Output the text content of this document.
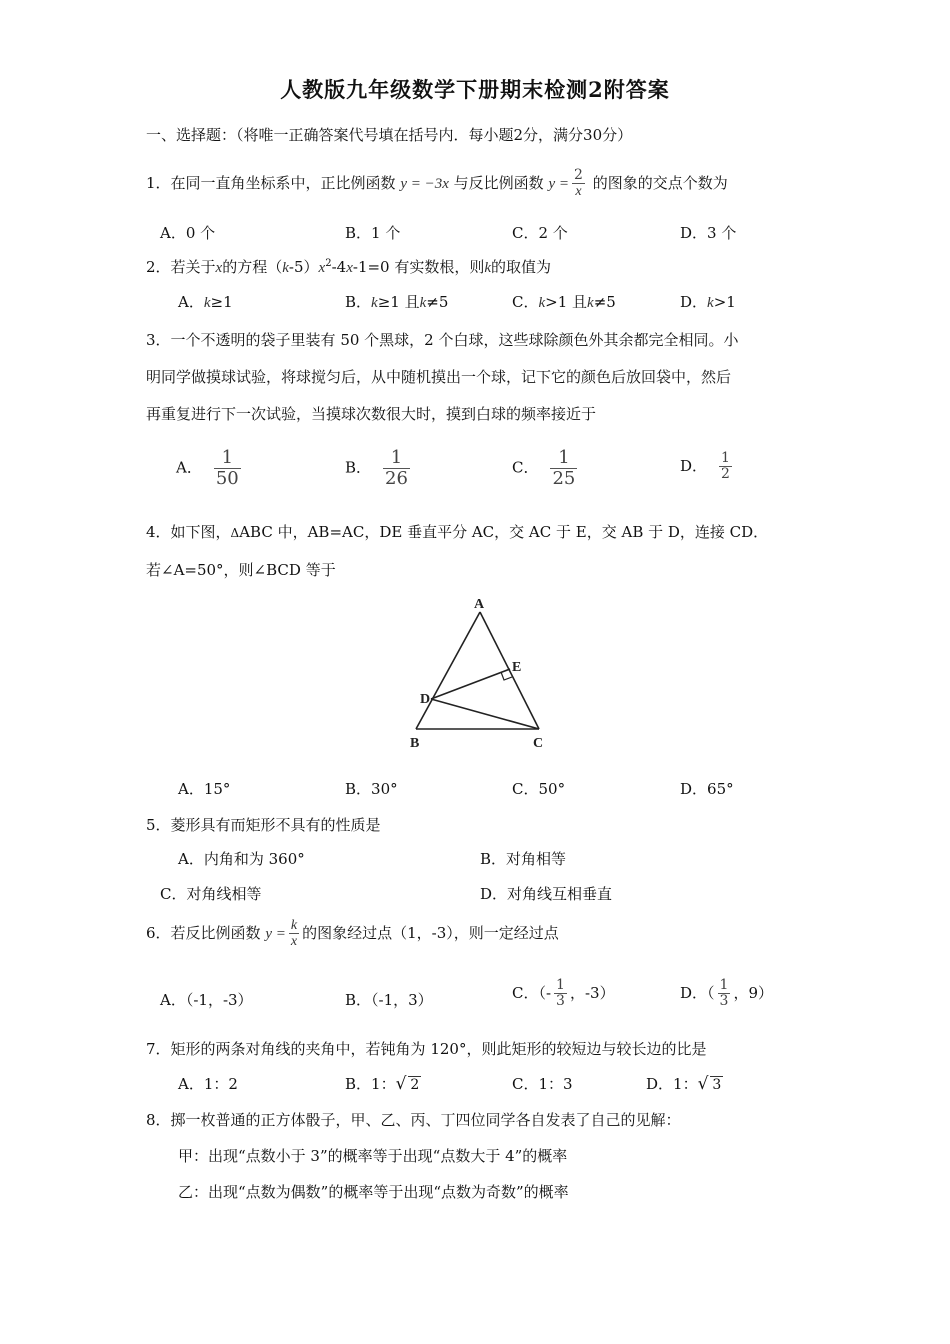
人教版九年级数学下册期末检测2附答案
一、选择题：（将唯一正确答案代号填在括号内．每小题2分，满分30分）
1．在同一直角坐标系中，正比例函数 y = −3x 与反比例函数 $y = \frac{2}{x}$ 的图象的交点个数为
A．0 个	B．1 个	C．2 个	D．3 个
2．若关于x的方程$(k-5)x^2-4x-1=0$ 有实数根，则k的取值为
A．k≥1	B．k≥1 且k≠5	C．k>1 且k≠5	D．k>1
3．一个不透明的袋子里装有 50 个黑球，2 个白球，这些球除颜色外其余都完全相同。小
明同学做摸球试验，将球搅匀后，从中随机摸出一个球，记下它的颜色后放回袋中，然后
再重复进行下一次试验，当摸球次数很大时，摸到白球的频率接近于
A． $\frac{1}{50}$	B． $\frac{1}{26}$	C． $\frac{1}{25}$	D． $\frac{1}{2}$
4．如下图，ΔABC 中，AB=AC，DE 垂直平分 AC，交 AC 于 E，交 AB 于 D，连接 CD．
若∠A=50°，则∠BCD 等于
A
E
D
B	C
A．15°	B．30°	C．50°	D．65°
5．菱形具有而矩形不具有的性质是
A．内角和为 360°	B．对角相等
C．对角线相等	D．对角线互相垂直
6．若反比例函数 $y = \frac{k}{x}$ 的图象经过点（1，-3），则一定经过点
A．（-1，-3）	B．（-1，3）	C．（- $\frac{1}{3}$ ，-3）	D．（ $\frac{1}{3}$ ，9）
7．矩形的两条对角线的夹角中，若钝角为 120°，则此矩形的较短边与较长边的比是
A．1：2	B．1：√ 2	C．1：3	D．1：√ 3
8．掷一枚普通的正方体骰子，甲、乙、丙、丁四位同学各自发表了自己的见解：
甲：出现“点数小于 3”的概率等于出现“点数大于 4”的概率
乙：出现“点数为偶数”的概率等于出现“点数为奇数”的概率
